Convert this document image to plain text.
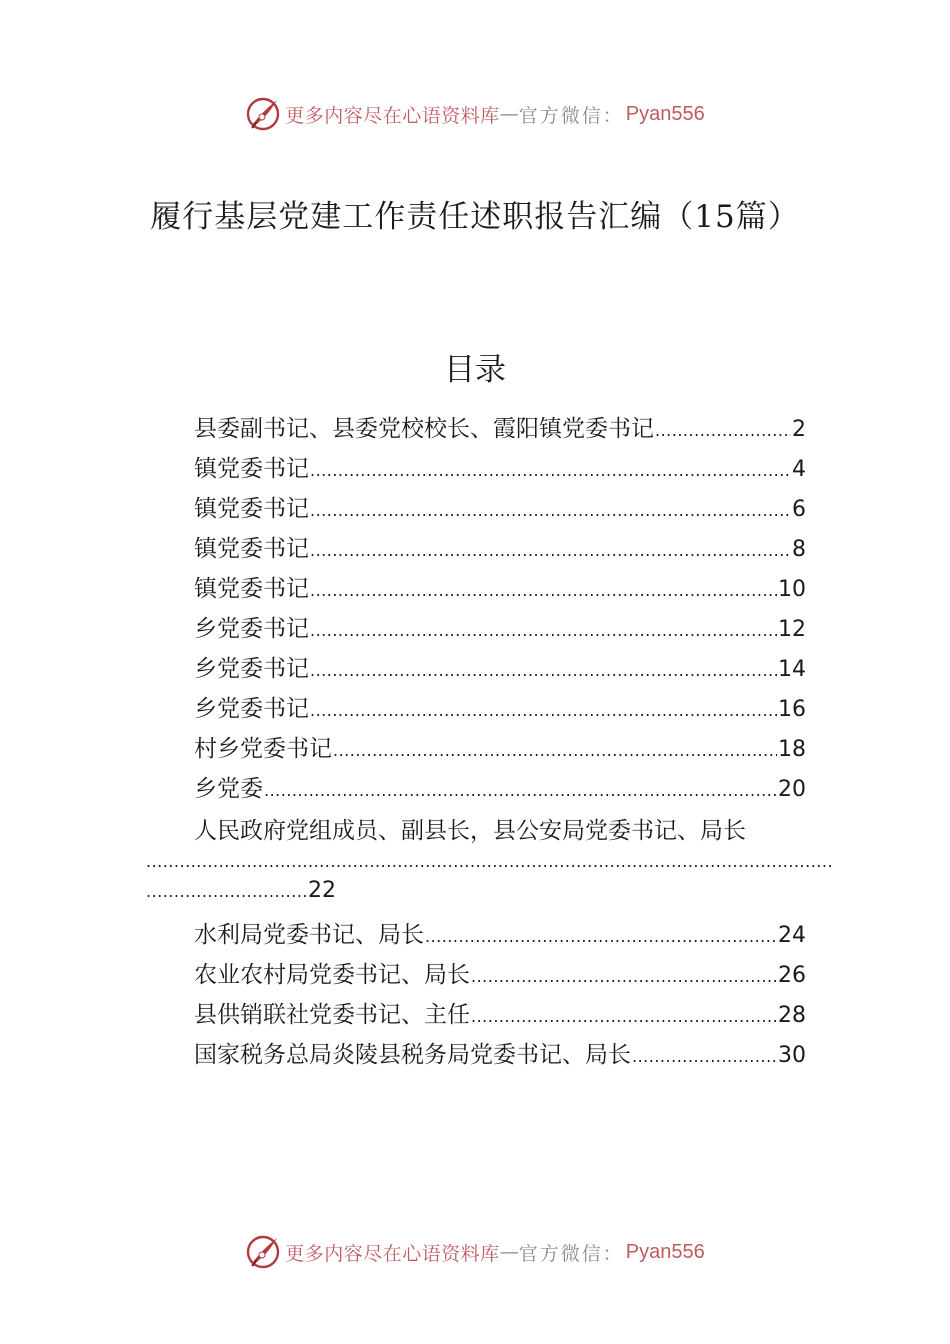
更多内容尽在心语资料库 — 官方微信： Pyan556
履行基层党建工作责任述职报告汇编（15篇）
目录
县委副书记、县委党校校长、霞阳镇党委书记 .....	2
镇党委书记 .....	4
镇党委书记 .....	6
镇党委书记 .....	8
镇党委书记 .....	10
乡党委书记 .....	12
乡党委书记 .....	14
乡党委书记 .....	16
村乡党委书记 .....	18
乡党委 .....	20
人民政府党组成员、副县长，县公安局党委书记、局长
.....
............................. 22
水利局党委书记、局长 .....	24
农业农村局党委书记、局长 .....	26
县供销联社党委书记、主任 .....	28
国家税务总局炎陵县税务局党委书记、局长 .....	30
更多内容尽在心语资料库 — 官方微信： Pyan556
